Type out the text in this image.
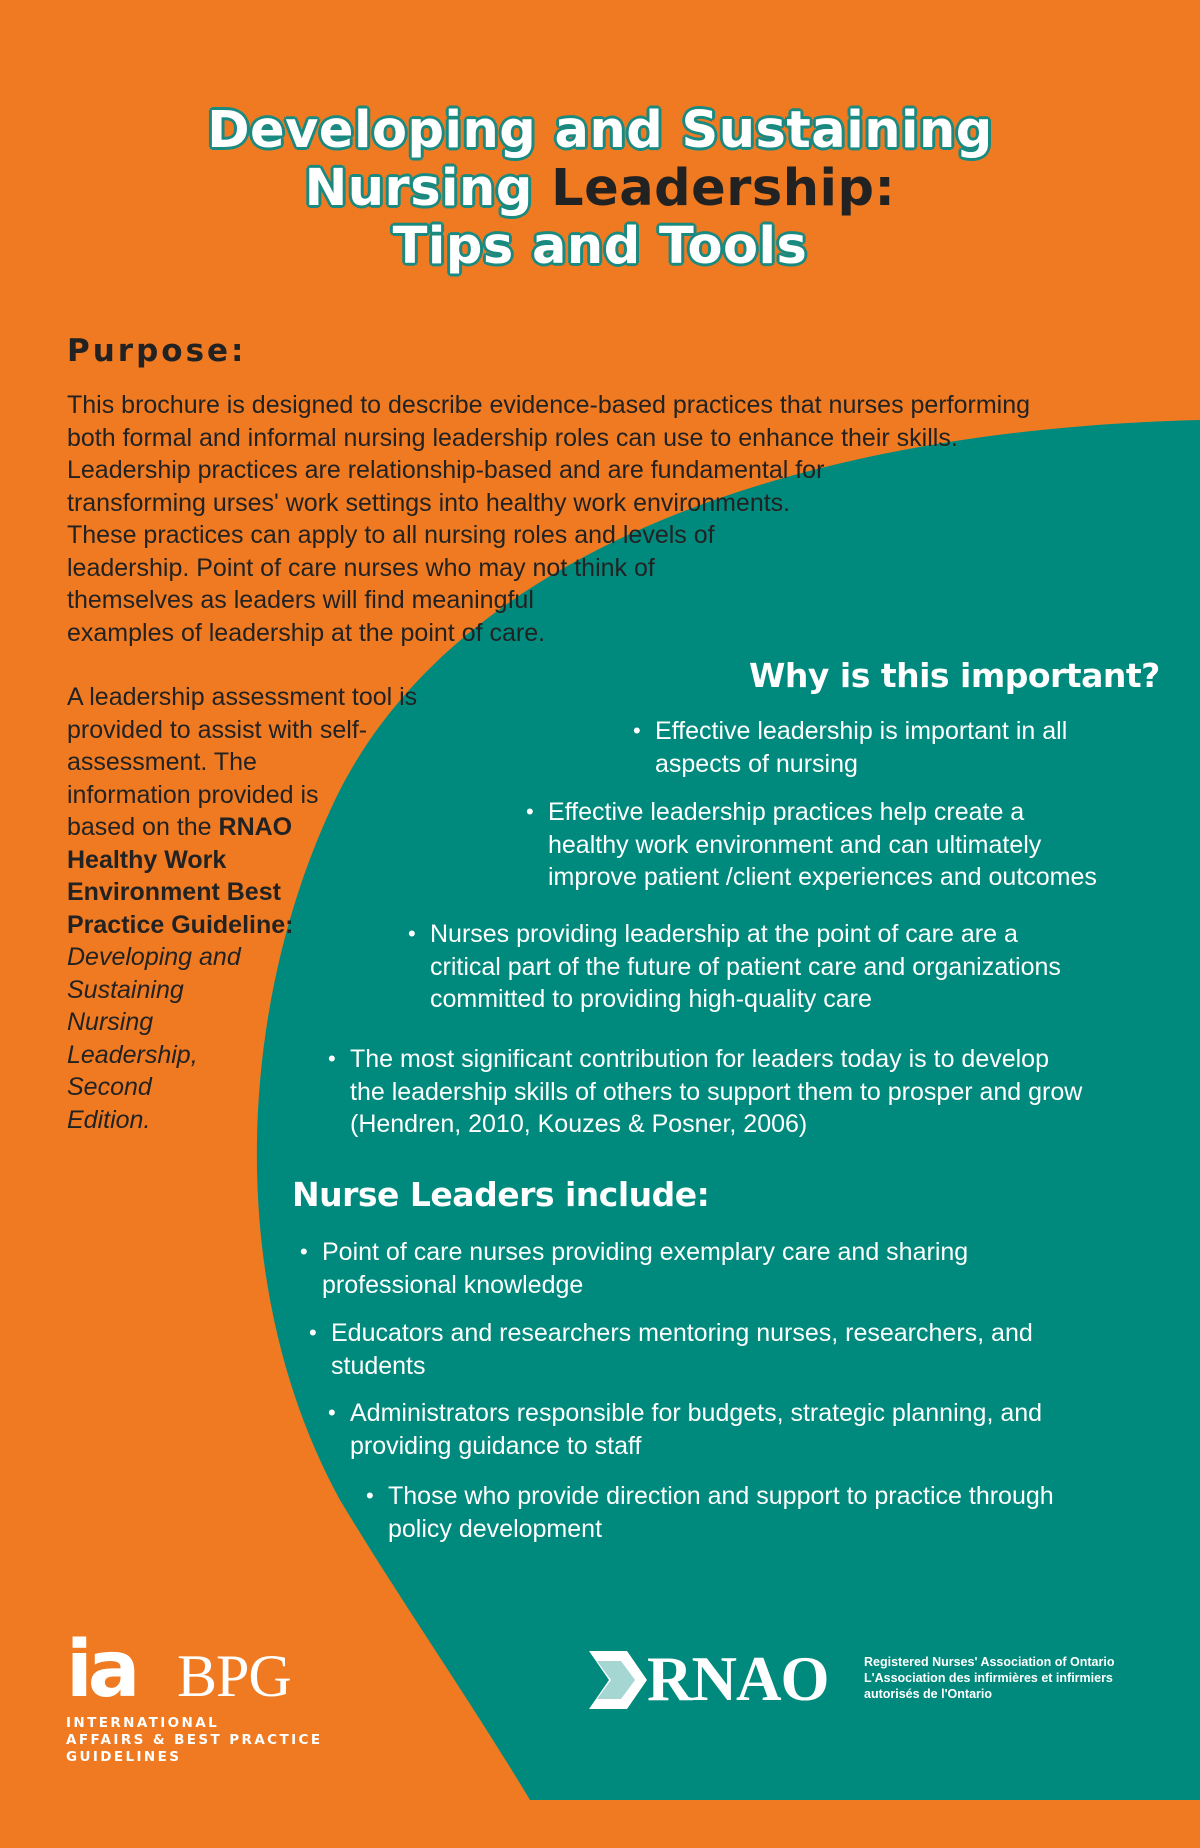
Developing and Sustaining
Nursing Leadership:
Tips and Tools
Purpose:
This brochure is designed to describe evidence-based practices that nurses performing
both formal and informal nursing leadership roles can use to enhance their skills.
Leadership practices are relationship-based and are fundamental for
transforming urses' work settings into healthy work environments.
These practices can apply to all nursing roles and levels of
leadership. Point of care nurses who may not think of
themselves as leaders will find meaningful
examples of leadership at the point of care.
A leadership assessment tool is
provided to assist with self-
assessment. The
information provided is
based on the RNAO
Healthy Work
Environment Best
Practice Guideline:
Developing and
Sustaining
Nursing
Leadership,
Second
Edition.
Why is this important?
• Effective leadership is important in all
aspects of nursing
• Effective leadership practices help create a
healthy work environment and can ultimately
improve patient /client experiences and outcomes
• Nurses providing leadership at the point of care are a
critical part of the future of patient care and organizations
committed to providing high-quality care
• The most significant contribution for leaders today is to develop
the leadership skills of others to support them to prosper and grow
(Hendren, 2010, Kouzes & Posner, 2006)
Nurse Leaders include:
• Point of care nurses providing exemplary care and sharing
professional knowledge
• Educators and researchers mentoring nurses, researchers, and
students
• Administrators responsible for budgets, strategic planning, and
providing guidance to staff
• Those who provide direction and support to practice through
policy development
ia BPG
INTERNATIONAL
AFFAIRS & BEST PRACTICE
GUIDELINES
RNAO	Registered Nurses' Association of Ontario
L'Association des infirmières et infirmiers
autorisés de l'Ontario
